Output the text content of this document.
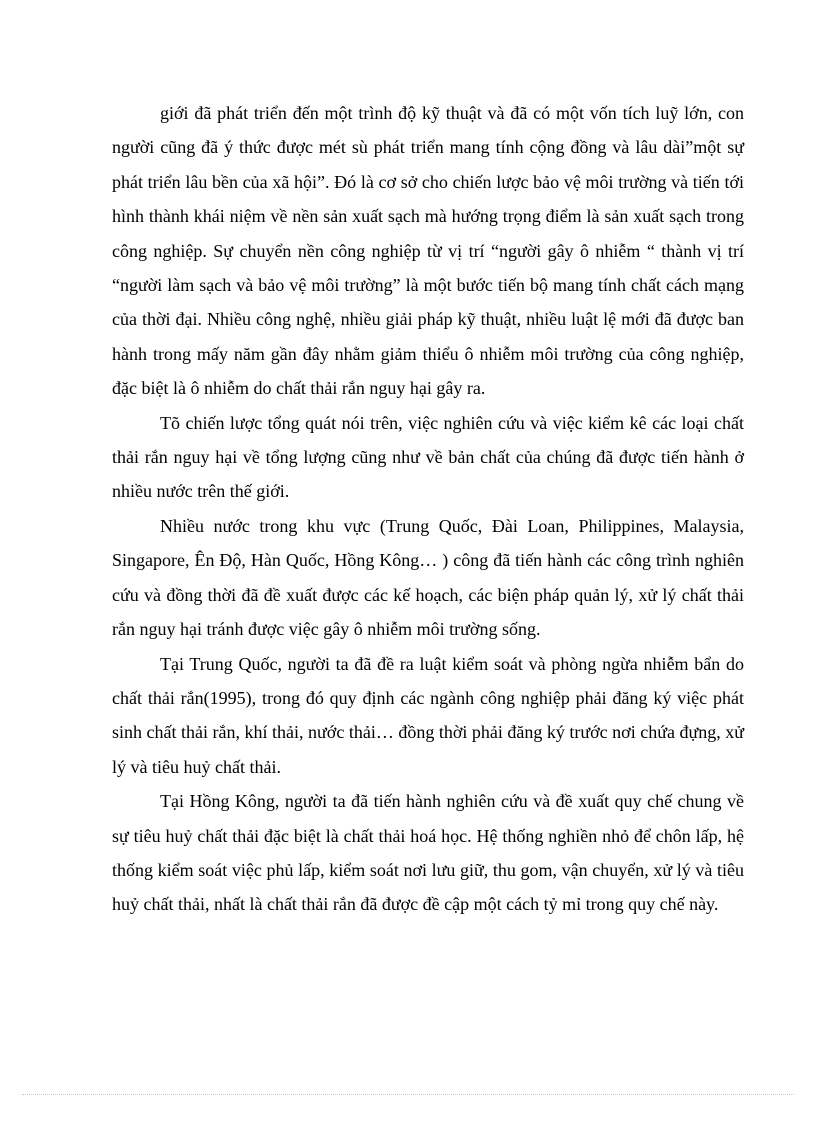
giới đã phát triển đến một trình độ kỹ thuật và đã có một vốn tích luỹ lớn, con người cũng đã ý thức được mét sù phát triển mang tính cộng đồng và lâu dài”một sự phát triển lâu bền của xã hội”. Đó là cơ sở cho chiến lược bảo vệ môi trường và tiến tới hình thành khái niệm về nền sản xuất sạch mà hướng trọng điểm là sản xuất sạch trong công nghiệp. Sự chuyển nền công nghiệp từ vị trí “người gây ô nhiễm “ thành vị trí “người làm sạch và bảo vệ môi trường” là một bước tiến bộ mang tính chất cách mạng của thời đại. Nhiều công nghệ, nhiều giải pháp kỹ thuật, nhiều luật lệ mới đã được ban hành trong mấy năm gần đây nhằm giảm thiểu ô nhiễm môi trường của công nghiệp, đặc biệt là ô nhiễm do chất thải rắn nguy hại gây ra.

Tõ chiến lược tổng quát nói trên, việc nghiên cứu và việc kiểm kê các loại chất thải rắn nguy hại về tổng lượng cũng như về bản chất của chúng đã được tiến hành ở nhiều nước trên thế giới.

Nhiều nước trong khu vực (Trung Quốc, Đài Loan, Philippines, Malaysia, Singapore, Ên Độ, Hàn Quốc, Hồng Kông… ) công đã tiến hành các công trình nghiên cứu và đồng thời đã đề xuất được các kế hoạch, các biện pháp quản lý, xử lý chất thải rắn nguy hại tránh được việc gây ô nhiễm môi trường sống.

Tại Trung Quốc, người ta đã đề ra luật kiểm soát và phòng ngừa nhiễm bẩn do chất thải rắn(1995), trong đó quy định các ngành công nghiệp phải đăng ký việc phát sinh chất thải rắn, khí thải, nước thải… đồng thời phải đăng ký trước nơi chứa đựng, xử lý và tiêu huỷ chất thải.

Tại Hồng Kông, người ta đã tiến hành nghiên cứu và đề xuất quy chế chung về sự tiêu huỷ chất thải đặc biệt là chất thải hoá học. Hệ thống nghiền nhỏ để chôn lấp, hệ thống kiểm soát việc phủ lấp, kiểm soát nơi lưu giữ, thu gom, vận chuyển, xử lý và tiêu huỷ chất thải, nhất là chất thải rắn đã được đề cập một cách tỷ mỉ trong quy chế này.
